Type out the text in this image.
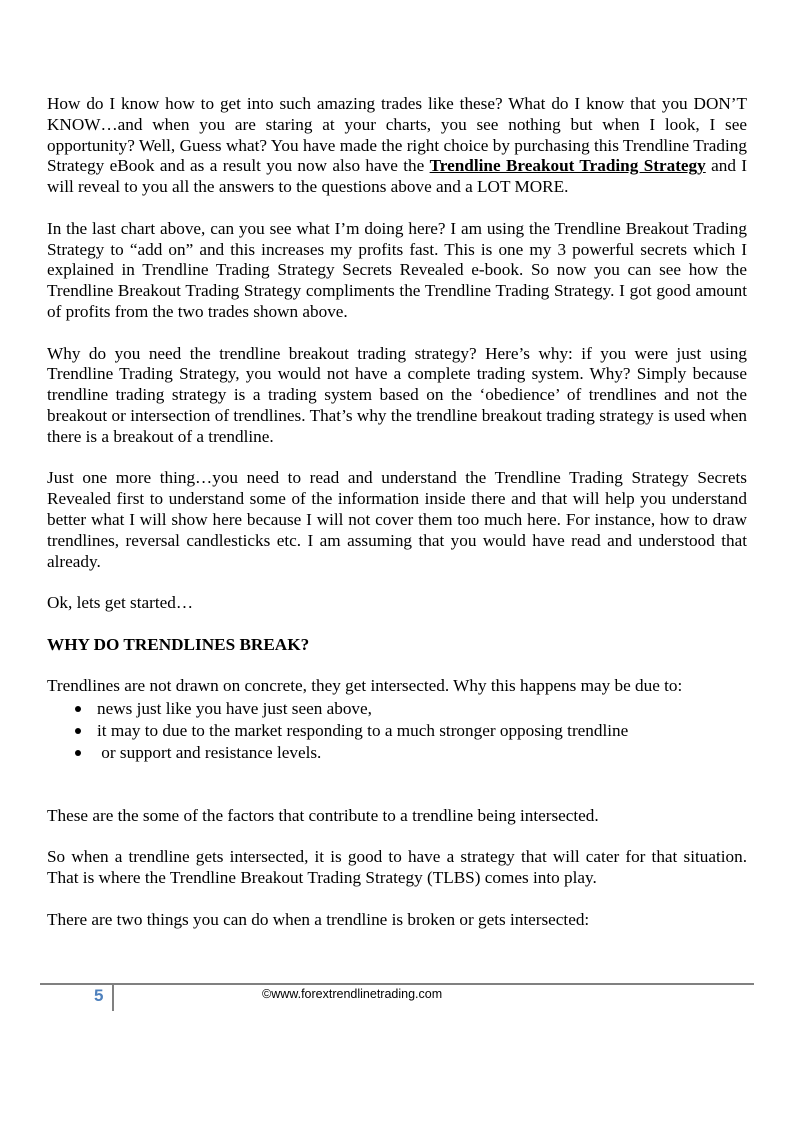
How do I know how to get into such amazing trades like these? What do I know that you DON’T KNOW…and when you are staring at your charts, you see nothing but when I look, I see opportunity? Well, Guess what? You have made the right choice by purchasing this Trendline Trading Strategy eBook and as a result you now also have the Trendline Breakout Trading Strategy and I will reveal to you all the answers to the questions above and a LOT MORE.

In the last chart above, can you see what I’m doing here? I am using the Trendline Breakout Trading Strategy to “add on” and this increases my profits fast. This is one my 3 powerful secrets which I explained in Trendline Trading Strategy Secrets Revealed e-book. So now you can see how the Trendline Breakout Trading Strategy compliments the Trendline Trading Strategy. I got good amount of profits from the two trades shown above.

Why do you need the trendline breakout trading strategy? Here’s why: if you were just using Trendline Trading Strategy, you would not have a complete trading system. Why? Simply because trendline trading strategy is a trading system based on the ‘obedience’ of trendlines and not the breakout or intersection of trendlines. That’s why the trendline breakout trading strategy is used when there is a breakout of a trendline.

Just one more thing…you need to read and understand the Trendline Trading Strategy Secrets Revealed first to understand some of the information inside there and that will help you understand better what I will show here because I will not cover them too much here. For instance, how to draw trendlines, reversal candlesticks etc. I am assuming that you would have read and understood that already.

Ok, lets get started…

WHY DO TRENDLINES BREAK?

Trendlines are not drawn on concrete, they get intersected. Why this happens may be due to:

news just like you have just seen above,
it may to due to the market responding to a much stronger opposing trendline
or support and resistance levels.

These are the some of the factors that contribute to a trendline being intersected.

So when a trendline gets intersected, it is good to have a strategy that will cater for that situation. That is where the Trendline Breakout Trading Strategy (TLBS) comes into play.

There are two things you can do when a trendline is broken or gets intersected:

5	©www.forextrendlinetrading.com
